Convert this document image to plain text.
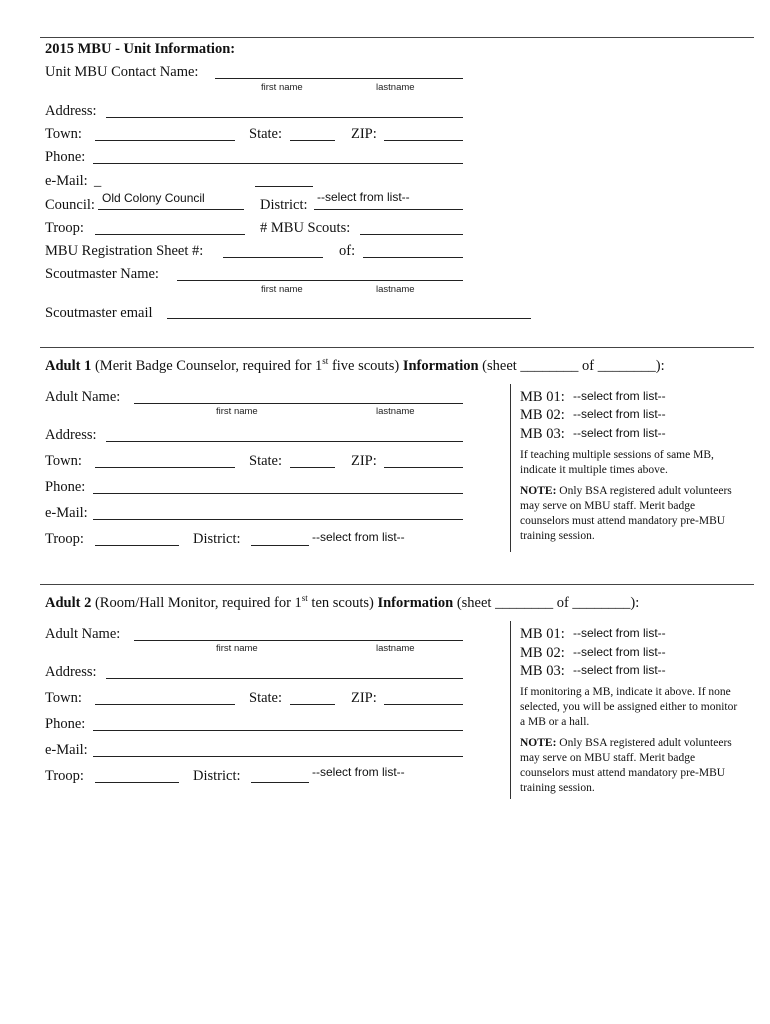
2015 MBU - Unit Information:
Unit MBU Contact Name:
first name	lastname
Address:
Town:	State:	ZIP:
Phone:
e-Mail: _
Council: Old Colony Council	District: --select from list--
Troop:	# MBU Scouts:
MBU Registration Sheet #:	of:
Scoutmaster Name:
first name	lastname
Scoutmaster email
Adult 1 (Merit Badge Counselor, required for 1st five scouts) Information (sheet ________ of ________):
Adult Name:
first name	lastname
Address:
Town:	State:	ZIP:
Phone:
e-Mail:
Troop:	District:	--select from list--
MB 01: --select from list--
MB 02: --select from list--
MB 03: --select from list--
If teaching multiple sessions of same MB, indicate it multiple times above.
NOTE: Only BSA registered adult volunteers may serve on MBU staff. Merit badge counselors must attend mandatory pre-MBU training session.
Adult 2 (Room/Hall Monitor, required for 1st ten scouts) Information (sheet ________ of ________):
Adult Name:
first name	lastname
Address:
Town:	State:	ZIP:
Phone:
e-Mail:
Troop:	District:	--select from list--
MB 01: --select from list--
MB 02: --select from list--
MB 03: --select from list--
If monitoring a MB, indicate it above. If none selected, you will be assigned either to monitor a MB or a hall.
NOTE: Only BSA registered adult volunteers may serve on MBU staff. Merit badge counselors must attend mandatory pre-MBU training session.
